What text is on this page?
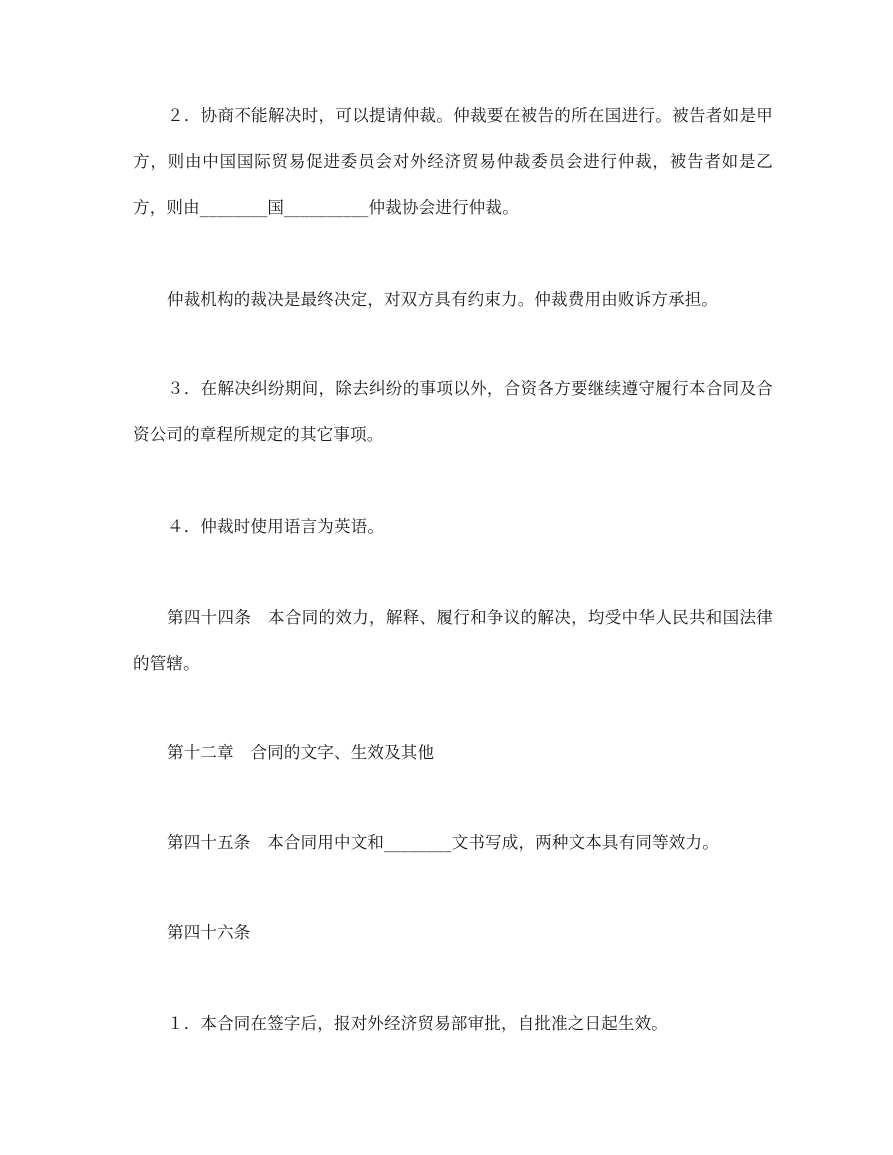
２．协商不能解决时，可以提请仲裁。仲裁要在被告的所在国进行。被告者如是甲方，则由中国国际贸易促进委员会对外经济贸易仲裁委员会进行仲裁，被告者如是乙方，则由________国__________仲裁协会进行仲裁。

仲裁机构的裁决是最终决定，对双方具有约束力。仲裁费用由败诉方承担。

３．在解决纠纷期间，除去纠纷的事项以外，合资各方要继续遵守履行本合同及合资公司的章程所规定的其它事项。

４．仲裁时使用语言为英语。

第四十四条　本合同的效力，解释、履行和争议的解决，均受中华人民共和国法律的管辖。

第十二章　合同的文字、生效及其他

第四十五条　本合同用中文和________文书写成，两种文本具有同等效力。

第四十六条

１．本合同在签字后，报对外经济贸易部审批，自批准之日起生效。
